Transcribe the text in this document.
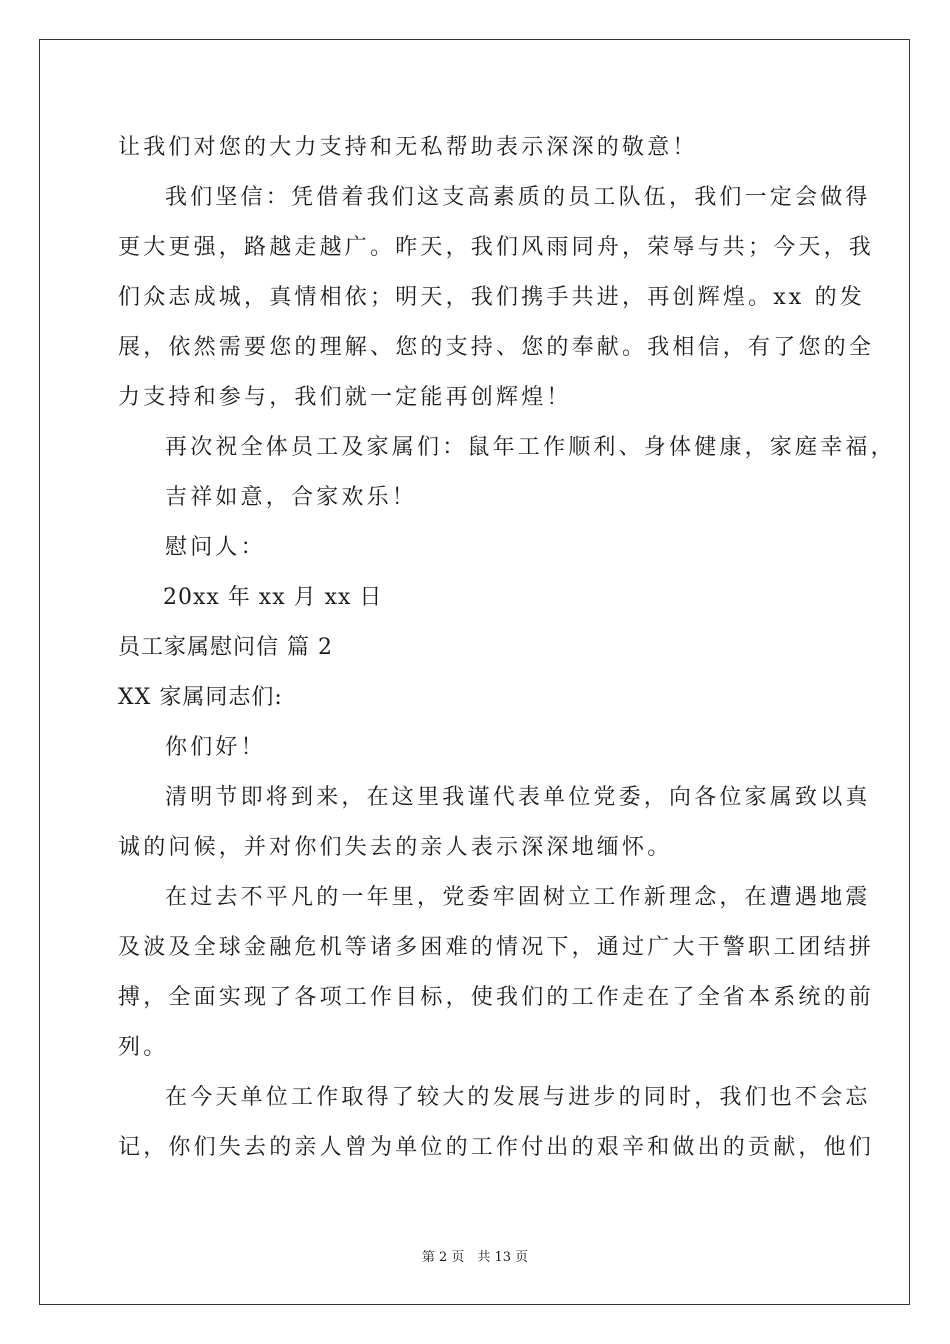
让我们对您的大力支持和无私帮助表示深深的敬意！
我们坚信：凭借着我们这支高素质的员工队伍，我们一定会做得
更大更强，路越走越广。昨天，我们风雨同舟，荣辱与共；今天，我
们众志成城，真情相依；明天，我们携手共进，再创辉煌。xx 的发
展，依然需要您的理解、您的支持、您的奉献。我相信，有了您的全
力支持和参与，我们就一定能再创辉煌！
再次祝全体员工及家属们：鼠年工作顺利、身体健康，家庭幸福，
吉祥如意，合家欢乐！
慰问人：
20xx 年 xx 月 xx 日
员工家属慰问信 篇 2
XX 家属同志们:
你们好！
清明节即将到来，在这里我谨代表单位党委，向各位家属致以真
诚的问候，并对你们失去的亲人表示深深地缅怀。
在过去不平凡的一年里，党委牢固树立工作新理念，在遭遇地震
及波及全球金融危机等诸多困难的情况下，通过广大干警职工团结拼
搏，全面实现了各项工作目标，使我们的工作走在了全省本系统的前
列。
在今天单位工作取得了较大的发展与进步的同时，我们也不会忘
记，你们失去的亲人曾为单位的工作付出的艰辛和做出的贡献，他们
第 2 页　共 13 页
